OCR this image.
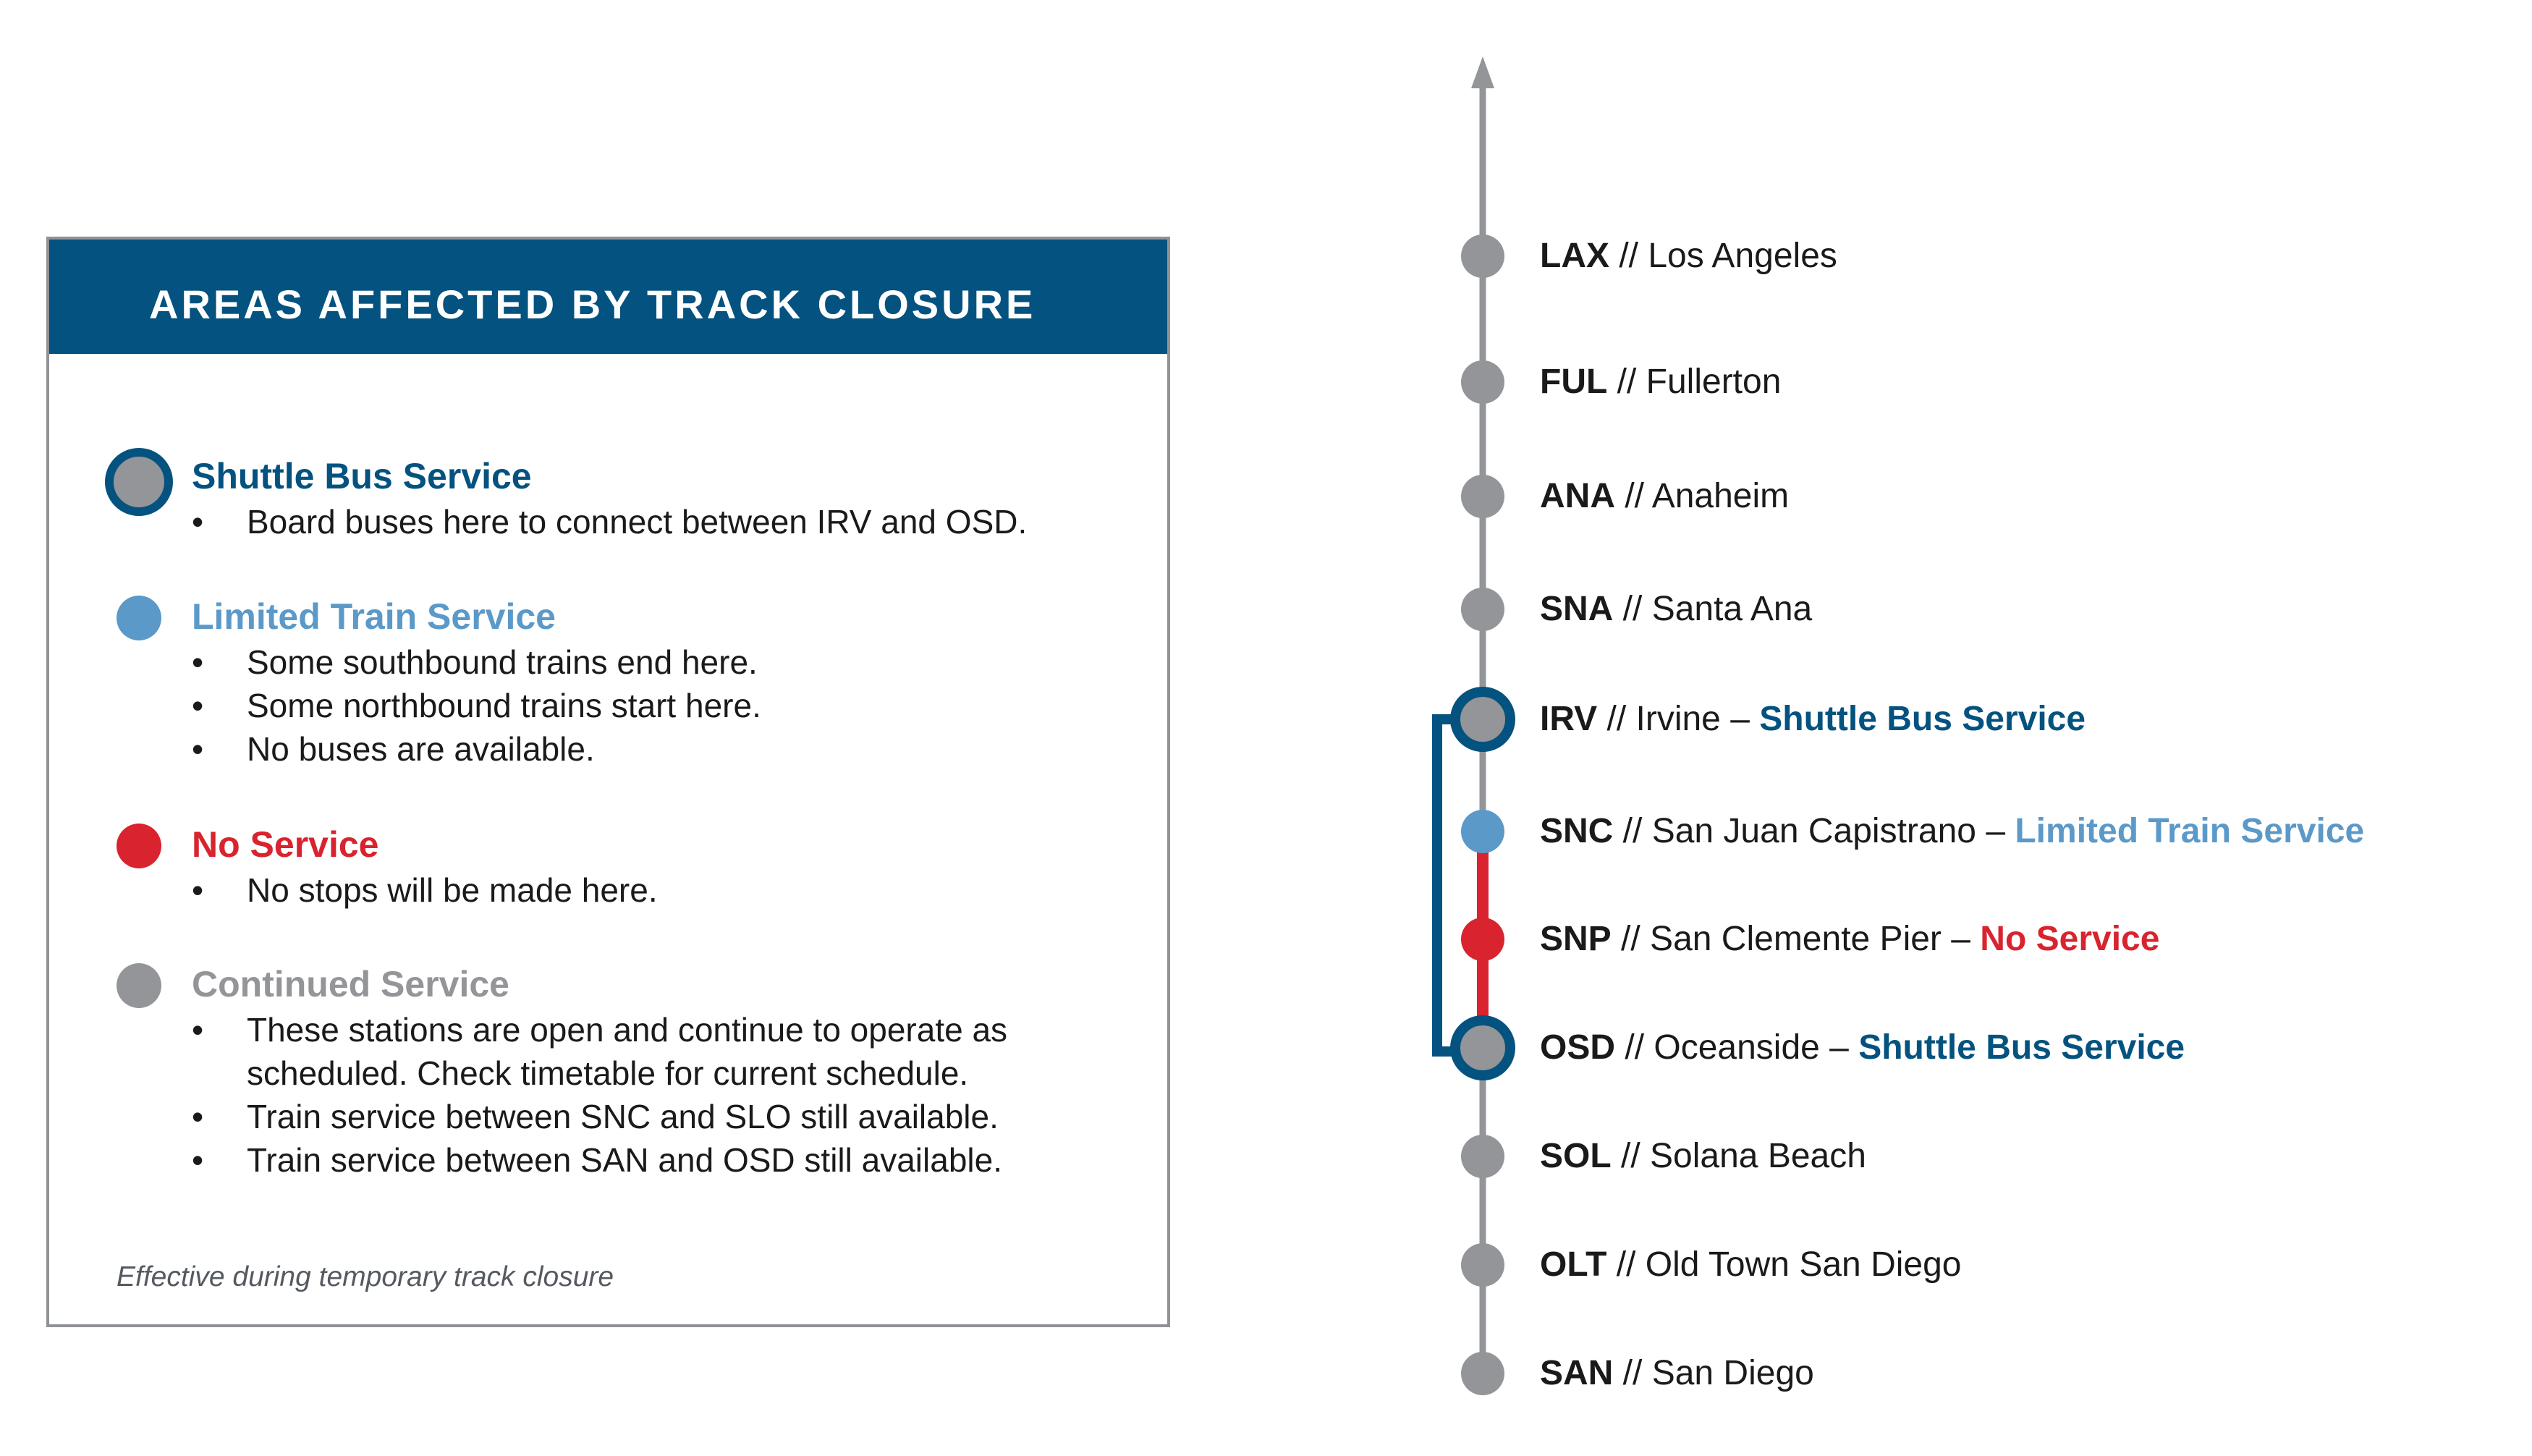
AREAS AFFECTED BY TRACK CLOSURE
Shuttle Bus Service
• Board buses here to connect between IRV and OSD.
Limited Train Service
• Some southbound trains end here.
• Some northbound trains start here.
• No buses are available.
No Service
• No stops will be made here.
Continued Service
• These stations are open and continue to operate as
scheduled. Check timetable for current schedule.
• Train service between SNC and SLO still available.
• Train service between SAN and OSD still available.
Effective during temporary track closure
LAX // Los Angeles
FUL // Fullerton
ANA // Anaheim
SNA // Santa Ana
IRV // Irvine – Shuttle Bus Service
SNC // San Juan Capistrano – Limited Train Service
SNP // San Clemente Pier – No Service
OSD // Oceanside – Shuttle Bus Service
SOL // Solana Beach
OLT // Old Town San Diego
SAN // San Diego
